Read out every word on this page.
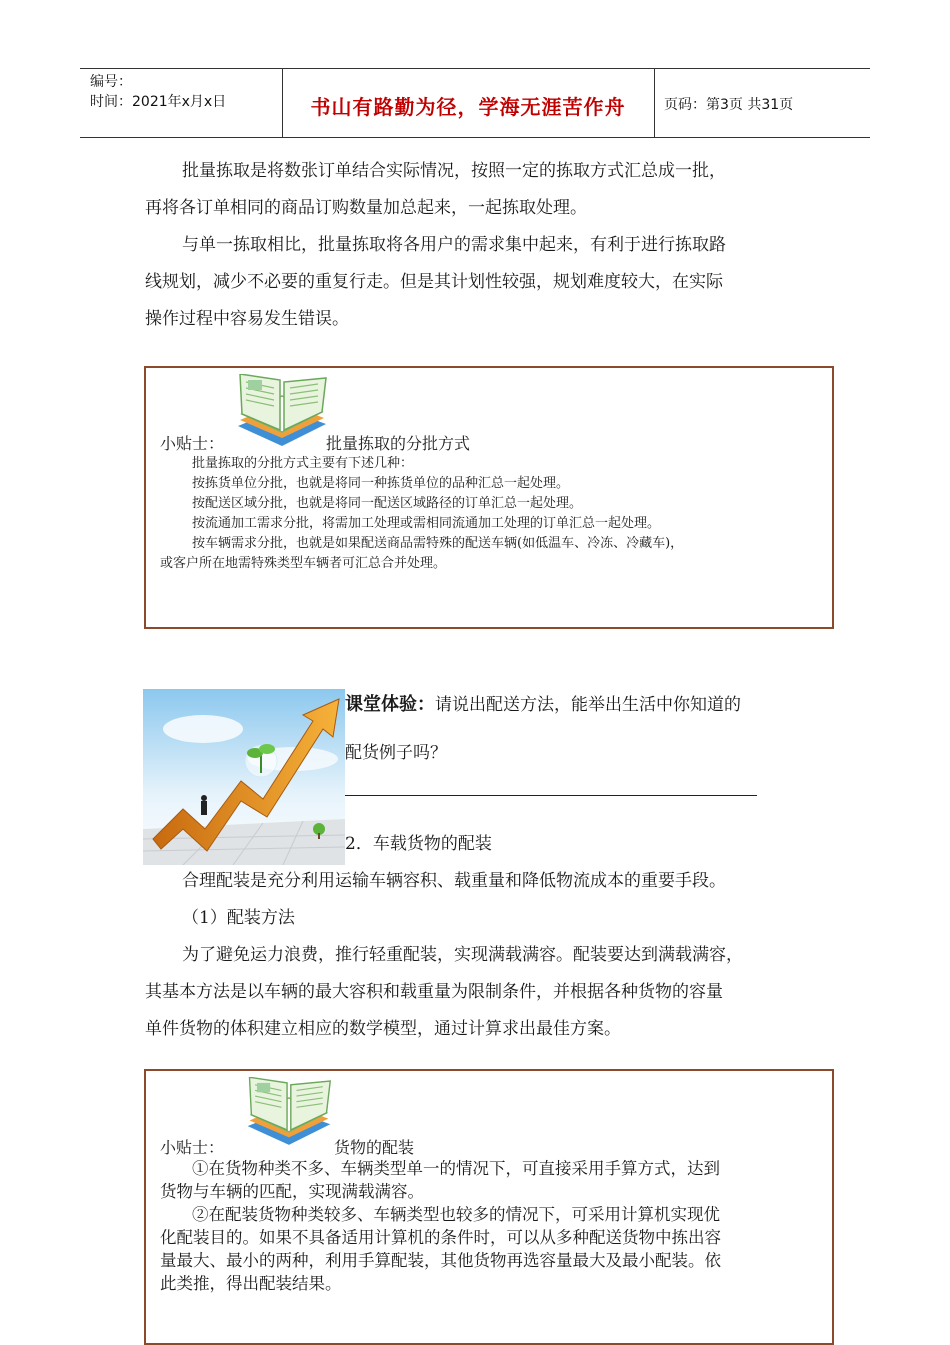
编号：
时间：2021年x月x日	书山有路勤为径，学海无涯苦作舟	页码：第3页 共31页
批量拣取是将数张订单结合实际情况，按照一定的拣取方式汇总成一批，
再将各订单相同的商品订购数量加总起来，一起拣取处理。
与单一拣取相比，批量拣取将各用户的需求集中起来，有利于进行拣取路
线规划，减少不必要的重复行走。但是其计划性较强，规划难度较大，在实际
操作过程中容易发生错误。
小贴士：	批量拣取的分批方式
批量拣取的分批方式主要有下述几种：
按拣货单位分批，也就是将同一种拣货单位的品种汇总一起处理。
按配送区域分批，也就是将同一配送区域路径的订单汇总一起处理。
按流通加工需求分批，将需加工处理或需相同流通加工处理的订单汇总一起处理。
按车辆需求分批，也就是如果配送商品需特殊的配送车辆(如低温车、冷冻、冷藏车)，
或客户所在地需特殊类型车辆者可汇总合并处理。
课堂体验：请说出配送方法，能举出生活中你知道的
配货例子吗？
2．车载货物的配装
合理配装是充分利用运输车辆容积、载重量和降低物流成本的重要手段。
（1）配装方法
为了避免运力浪费，推行轻重配装，实现满载满容。配装要达到满载满容，
其基本方法是以车辆的最大容积和载重量为限制条件，并根据各种货物的容量
单件货物的体积建立相应的数学模型，通过计算求出最佳方案。
小贴士：	货物的配装
①在货物种类不多、车辆类型单一的情况下，可直接采用手算方式，达到
货物与车辆的匹配，实现满载满容。
②在配装货物种类较多、车辆类型也较多的情况下，可采用计算机实现优
化配装目的。如果不具备适用计算机的条件时，可以从多种配送货物中拣出容
量最大、最小的两种，利用手算配装，其他货物再选容量最大及最小配装。依
此类推，得出配装结果。
